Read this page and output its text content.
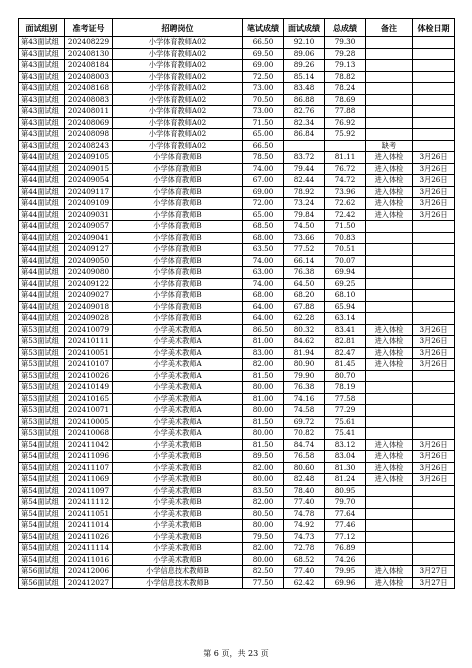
面试组别	准考证号	招聘岗位	笔试成绩	面试成绩	总成绩	备注	体检日期
第43面试组	202408229	小学体育教师A02	66.50	92.10	79.30		
第43面试组	202408130	小学体育教师A02	69.50	89.06	79.28		
第43面试组	202408184	小学体育教师A02	69.00	89.26	79.13		
第43面试组	202408003	小学体育教师A02	72.50	85.14	78.82		
第43面试组	202408168	小学体育教师A02	73.00	83.48	78.24		
第43面试组	202408083	小学体育教师A02	70.50	86.88	78.69		
第43面试组	202408011	小学体育教师A02	73.00	82.76	77.88		
第43面试组	202408069	小学体育教师A02	71.50	82.34	76.92		
第43面试组	202408098	小学体育教师A02	65.00	86.84	75.92		
第43面试组	202408243	小学体育教师A02	66.50			缺考	
第44面试组	202409105	小学体育教师B	78.50	83.72	81.11	进入体检	3月26日
第44面试组	202409015	小学体育教师B	74.00	79.44	76.72	进入体检	3月26日
第44面试组	202409054	小学体育教师B	67.00	82.44	74.72	进入体检	3月26日
第44面试组	202409117	小学体育教师B	69.00	78.92	73.96	进入体检	3月26日
第44面试组	202409109	小学体育教师B	72.00	73.24	72.62	进入体检	3月26日
第44面试组	202409031	小学体育教师B	65.00	79.84	72.42	进入体检	3月26日
第44面试组	202409057	小学体育教师B	68.50	74.50	71.50		
第44面试组	202409041	小学体育教师B	68.00	73.66	70.83		
第44面试组	202409127	小学体育教师B	63.50	77.52	70.51		
第44面试组	202409050	小学体育教师B	74.00	66.14	70.07		
第44面试组	202409080	小学体育教师B	63.00	76.38	69.94		
第44面试组	202409122	小学体育教师B	74.00	64.50	69.25		
第44面试组	202409027	小学体育教师B	68.00	68.20	68.10		
第44面试组	202409018	小学体育教师B	64.00	67.88	65.94		
第44面试组	202409028	小学体育教师B	64.00	62.28	63.14		
第53面试组	202410079	小学美术教师A	86.50	80.32	83.41	进入体检	3月26日
第53面试组	202410111	小学美术教师A	81.00	84.62	82.81	进入体检	3月26日
第53面试组	202410051	小学美术教师A	83.00	81.94	82.47	进入体检	3月26日
第53面试组	202410107	小学美术教师A	82.00	80.90	81.45	进入体检	3月26日
第53面试组	202410026	小学美术教师A	81.50	79.90	80.70		
第53面试组	202410149	小学美术教师A	80.00	76.38	78.19		
第53面试组	202410165	小学美术教师A	81.00	74.16	77.58		
第53面试组	202410071	小学美术教师A	80.00	74.58	77.29		
第53面试组	202410005	小学美术教师A	81.50	69.72	75.61		
第53面试组	202410068	小学美术教师A	80.00	70.82	75.41		
第54面试组	202411042	小学美术教师B	81.50	84.74	83.12	进入体检	3月26日
第54面试组	202411096	小学美术教师B	89.50	76.58	83.04	进入体检	3月26日
第54面试组	202411107	小学美术教师B	82.00	80.60	81.30	进入体检	3月26日
第54面试组	202411069	小学美术教师B	80.00	82.48	81.24	进入体检	3月26日
第54面试组	202411097	小学美术教师B	83.50	78.40	80.95		
第54面试组	202411112	小学美术教师B	82.00	77.40	79.70		
第54面试组	202411051	小学美术教师B	80.50	74.78	77.64		
第54面试组	202411014	小学美术教师B	80.00	74.92	77.46		
第54面试组	202411026	小学美术教师B	79.50	74.73	77.12		
第54面试组	202411114	小学美术教师B	82.00	72.78	76.89		
第54面试组	202411016	小学美术教师B	80.00	68.52	74.26		
第56面试组	202412006	小学信息技术教师B	82.50	77.40	79.95	进入体检	3月27日
第56面试组	202412027	小学信息技术教师B	77.50	62.42	69.96	进入体检	3月27日
第 6 页，共 23 页
